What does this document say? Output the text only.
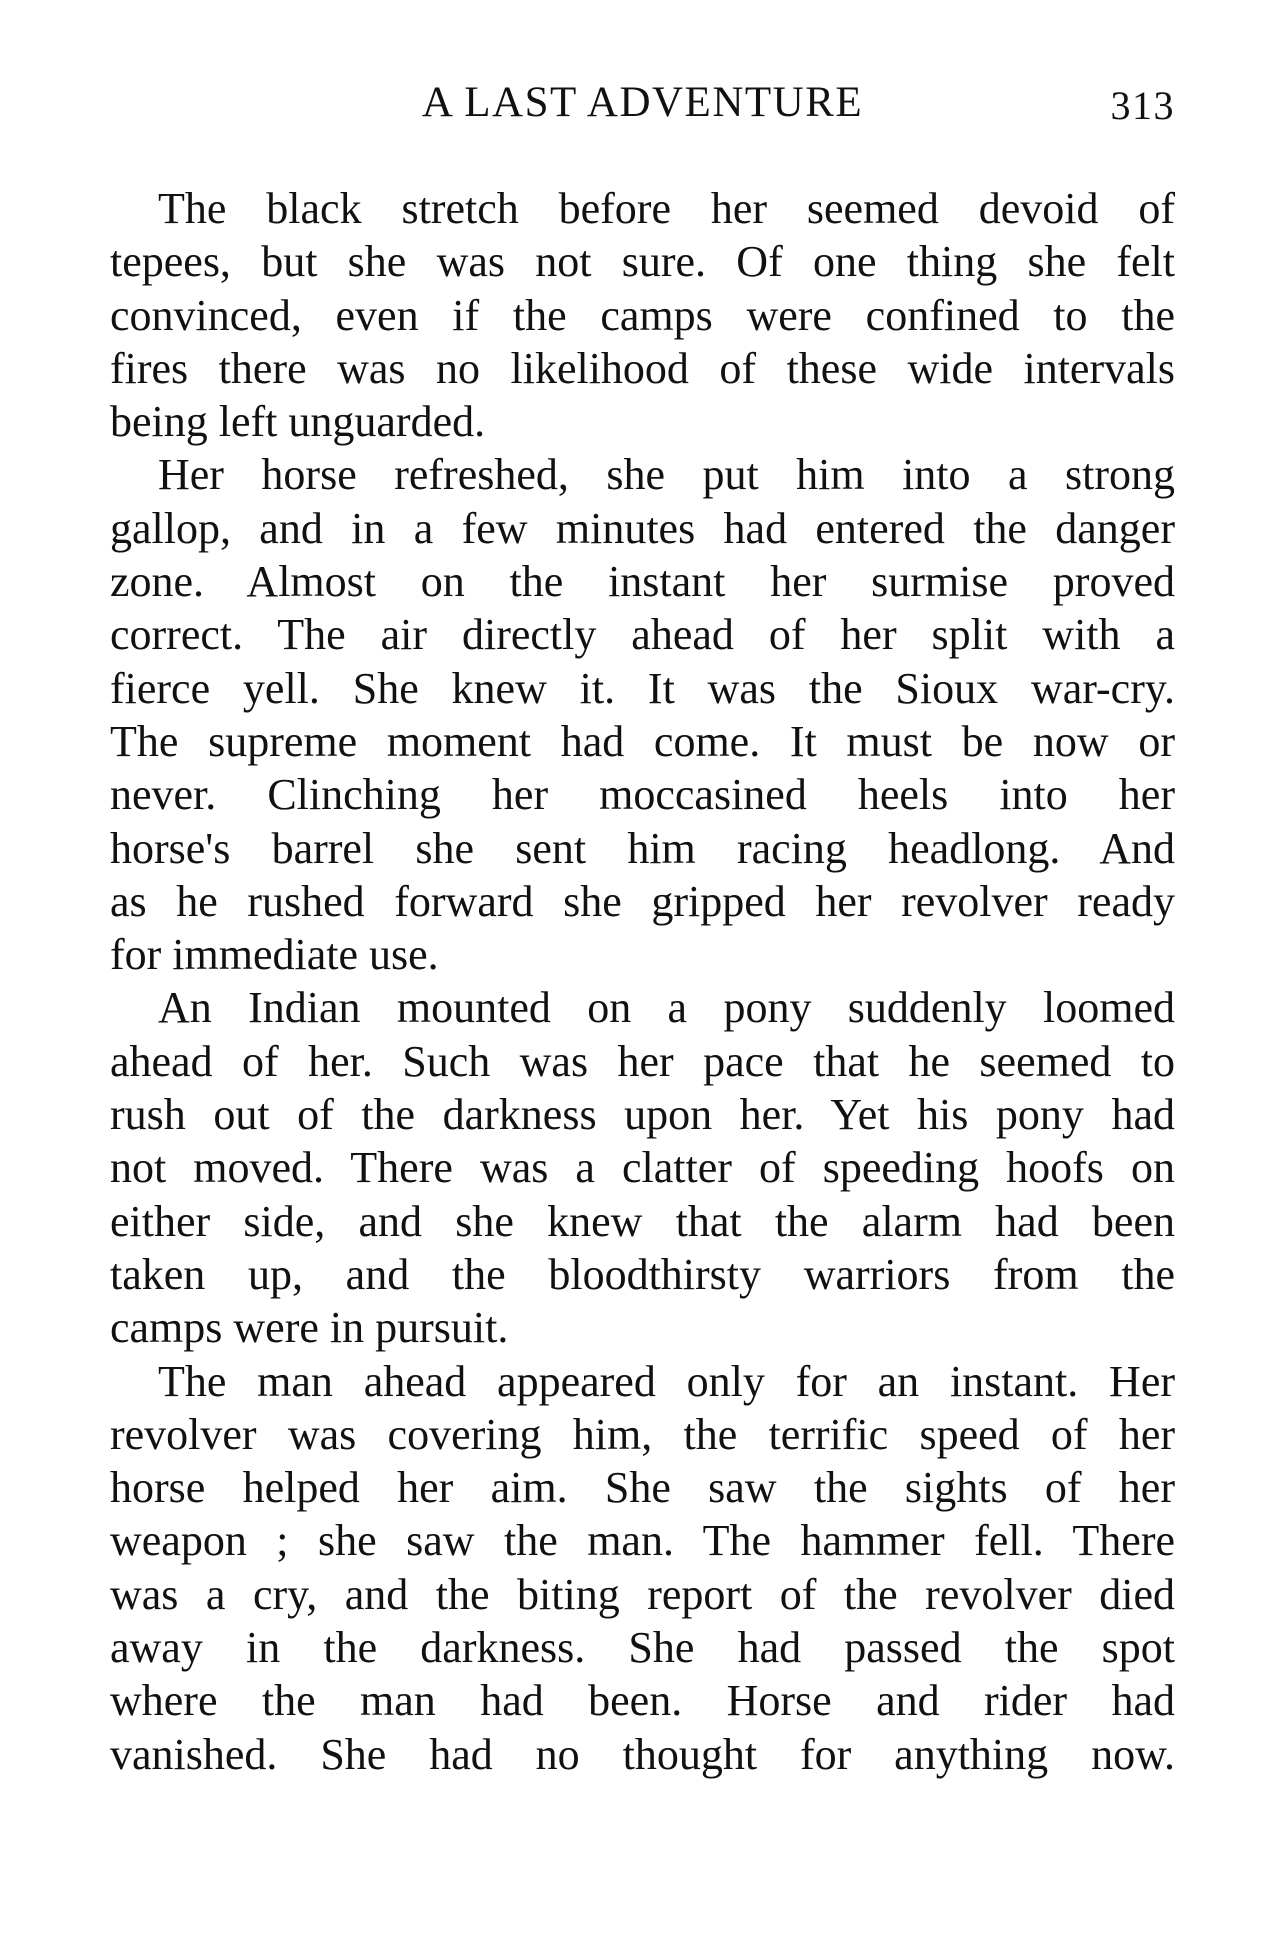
A LAST ADVENTURE	313

The black stretch before her seemed devoid of
tepees, but she was not sure. Of one thing she felt
convinced, even if the camps were confined to the
fires there was no likelihood of these wide intervals
being left unguarded.

Her horse refreshed, she put him into a strong
gallop, and in a few minutes had entered the danger
zone. Almost on the instant her surmise proved
correct. The air directly ahead of her split with a
fierce yell. She knew it. It was the Sioux war-cry.
The supreme moment had come. It must be now or
never. Clinching her moccasined heels into her
horse's barrel she sent him racing headlong. And
as he rushed forward she gripped her revolver ready
for immediate use.

An Indian mounted on a pony suddenly loomed
ahead of her. Such was her pace that he seemed to
rush out of the darkness upon her. Yet his pony had
not moved. There was a clatter of speeding hoofs on
either side, and she knew that the alarm had been
taken up, and the bloodthirsty warriors from the
camps were in pursuit.

The man ahead appeared only for an instant. Her
revolver was covering him, the terrific speed of her
horse helped her aim. She saw the sights of her
weapon ; she saw the man. The hammer fell. There
was a cry, and the biting report of the revolver died
away in the darkness. She had passed the spot
where the man had been. Horse and rider had
vanished. She had no thought for anything now.
